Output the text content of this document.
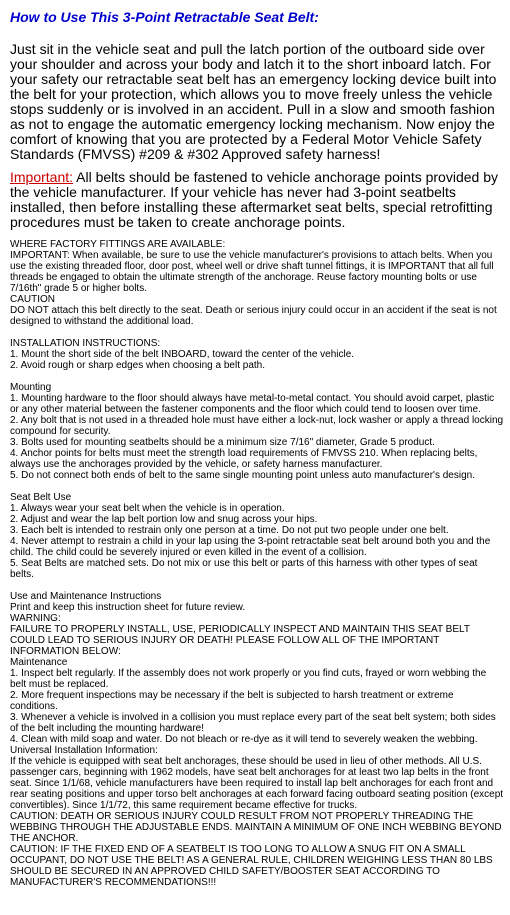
How to Use This 3-Point Retractable Seat Belt:

Just sit in the vehicle seat and pull the latch portion of the outboard side over your shoulder and across your body and latch it to the short inboard latch. For your safety our retractable seat belt has an emergency locking device built into the belt for your protection, which allows you to move freely unless the vehicle stops suddenly or is involved in an accident. Pull in a slow and smooth fashion as not to engage the automatic emergency locking mechanism. Now enjoy the comfort of knowing that you are protected by a Federal Motor Vehicle Safety Standards (FMVSS) #209 & #302 Approved safety harness!

Important: All belts should be fastened to vehicle anchorage points provided by the vehicle manufacturer. If your vehicle has never had 3-point seatbelts installed, then before installing these aftermarket seat belts, special retrofitting procedures must be taken to create anchorage points.

WHERE FACTORY FITTINGS ARE AVAILABLE:
IMPORTANT: When available, be sure to use the vehicle manufacturer's provisions to attach belts. When you use the existing threaded floor, door post, wheel well or drive shaft tunnel fittings, it is IMPORTANT that all full threads be engaged to obtain the ultimate strength of the anchorage. Reuse factory mounting bolts or use 7/16th" grade 5 or higher bolts.
CAUTION
DO NOT attach this belt directly to the seat. Death or serious injury could occur in an accident if the seat is not designed to withstand the additional load.
INSTALLATION INSTRUCTIONS:
1. Mount the short side of the belt INBOARD, toward the center of the vehicle.
2. Avoid rough or sharp edges when choosing a belt path.
Mounting
1. Mounting hardware to the floor should always have metal-to-metal contact. You should avoid carpet, plastic or any other material between the fastener components and the floor which could tend to loosen over time.
2. Any bolt that is not used in a threaded hole must have either a lock-nut, lock washer or apply a thread locking compound for security.
3. Bolts used for mounting seatbelts should be a minimum size 7/16" diameter, Grade 5 product.
4. Anchor points for belts must meet the strength load requirements of FMVSS 210. When replacing belts, always use the anchorages provided by the vehicle, or safety harness manufacturer.
5. Do not connect both ends of belt to the same single mounting point unless auto manufacturer's design.
Seat Belt Use
1. Always wear your seat belt when the vehicle is in operation.
2. Adjust and wear the lap belt portion low and snug across your hips.
3. Each belt is intended to restrain only one person at a time. Do not put two people under one belt.
4. Never attempt to restrain a child in your lap using the 3-point retractable seat belt around both you and the child. The child could be severely injured or even killed in the event of a collision.
5. Seat Belts are matched sets. Do not mix or use this belt or parts of this harness with other types of seat belts.
Use and Maintenance Instructions
Print and keep this instruction sheet for future review.
WARNING:
FAILURE TO PROPERLY INSTALL, USE, PERIODICALLY INSPECT AND MAINTAIN THIS SEAT BELT COULD LEAD TO SERIOUS INJURY OR DEATH! PLEASE FOLLOW ALL OF THE IMPORTANT INFORMATION BELOW:
Maintenance
1. Inspect belt regularly. If the assembly does not work properly or you find cuts, frayed or worn webbing the belt must be replaced.
2. More frequent inspections may be necessary if the belt is subjected to harsh treatment or extreme conditions.
3. Whenever a vehicle is involved in a collision you must replace every part of the seat belt system; both sides of the belt including the mounting hardware!
4. Clean with mild soap and water. Do not bleach or re-dye as it will tend to severely weaken the webbing.
Universal Installation Information:
If the vehicle is equipped with seat belt anchorages, these should be used in lieu of other methods. All U.S. passenger cars, beginning with 1962 models, have seat belt anchorages for at least two lap belts in the front seat. Since 1/1/68, vehicle manufacturers have been required to install lap belt anchorages for each front and rear seating positions and upper torso belt anchorages at each forward facing outboard seating position (except convertibles). Since 1/1/72, this same requirement became effective for trucks.
CAUTION: DEATH OR SERIOUS INJURY COULD RESULT FROM NOT PROPERLY THREADING THE WEBBING THROUGH THE ADJUSTABLE ENDS. MAINTAIN A MINIMUM OF ONE INCH WEBBING BEYOND THE ANCHOR.
CAUTION: IF THE FIXED END OF A SEATBELT IS TOO LONG TO ALLOW A SNUG FIT ON A SMALL OCCUPANT, DO NOT USE THE BELT! AS A GENERAL RULE, CHILDREN WEIGHING LESS THAN 80 LBS SHOULD BE SECURED IN AN APPROVED CHILD SAFETY/BOOSTER SEAT ACCORDING TO MANUFACTURER'S RECOMMENDATIONS!!!
